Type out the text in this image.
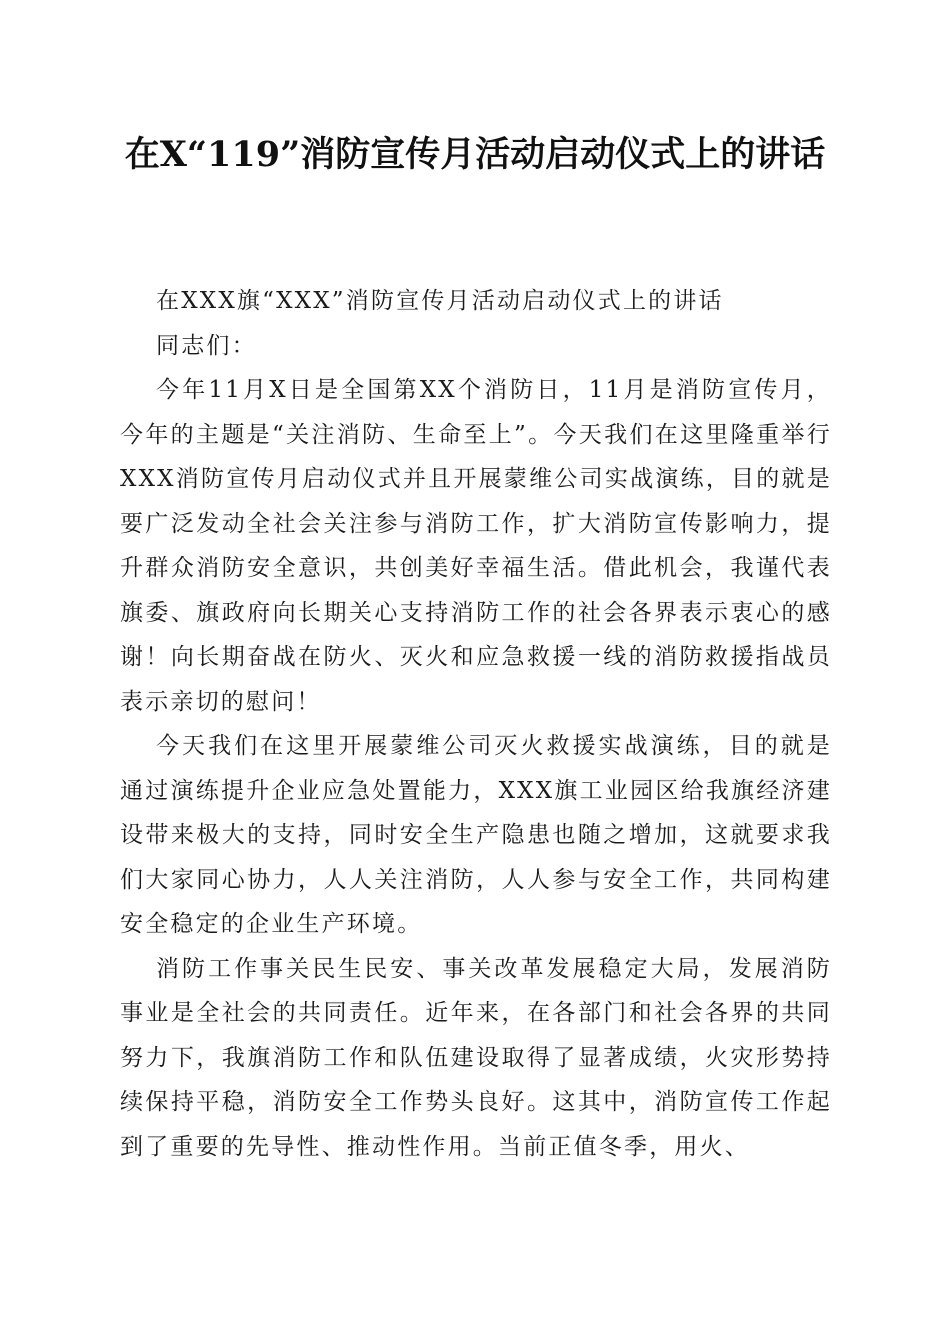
在X“119”消防宣传月活动启动仪式上的讲话

在XXX旗“XXX”消防宣传月活动启动仪式上的讲话

同志们：

今年11月X日是全国第XX个消防日，11月是消防宣传月，今年的主题是“关注消防、生命至上”。今天我们在这里隆重举行XXX消防宣传月启动仪式并且开展蒙维公司实战演练，目的就是要广泛发动全社会关注参与消防工作，扩大消防宣传影响力，提升群众消防安全意识，共创美好幸福生活。借此机会，我谨代表旗委、旗政府向长期关心支持消防工作的社会各界表示衷心的感谢！向长期奋战在防火、灭火和应急救援一线的消防救援指战员表示亲切的慰问！

今天我们在这里开展蒙维公司灭火救援实战演练，目的就是通过演练提升企业应急处置能力，XXX旗工业园区给我旗经济建设带来极大的支持，同时安全生产隐患也随之增加，这就要求我们大家同心协力，人人关注消防，人人参与安全工作，共同构建安全稳定的企业生产环境。

消防工作事关民生民安、事关改革发展稳定大局，发展消防事业是全社会的共同责任。近年来，在各部门和社会各界的共同努力下，我旗消防工作和队伍建设取得了显著成绩，火灾形势持续保持平稳，消防安全工作势头良好。这其中，消防宣传工作起到了重要的先导性、推动性作用。当前正值冬季，用火、
